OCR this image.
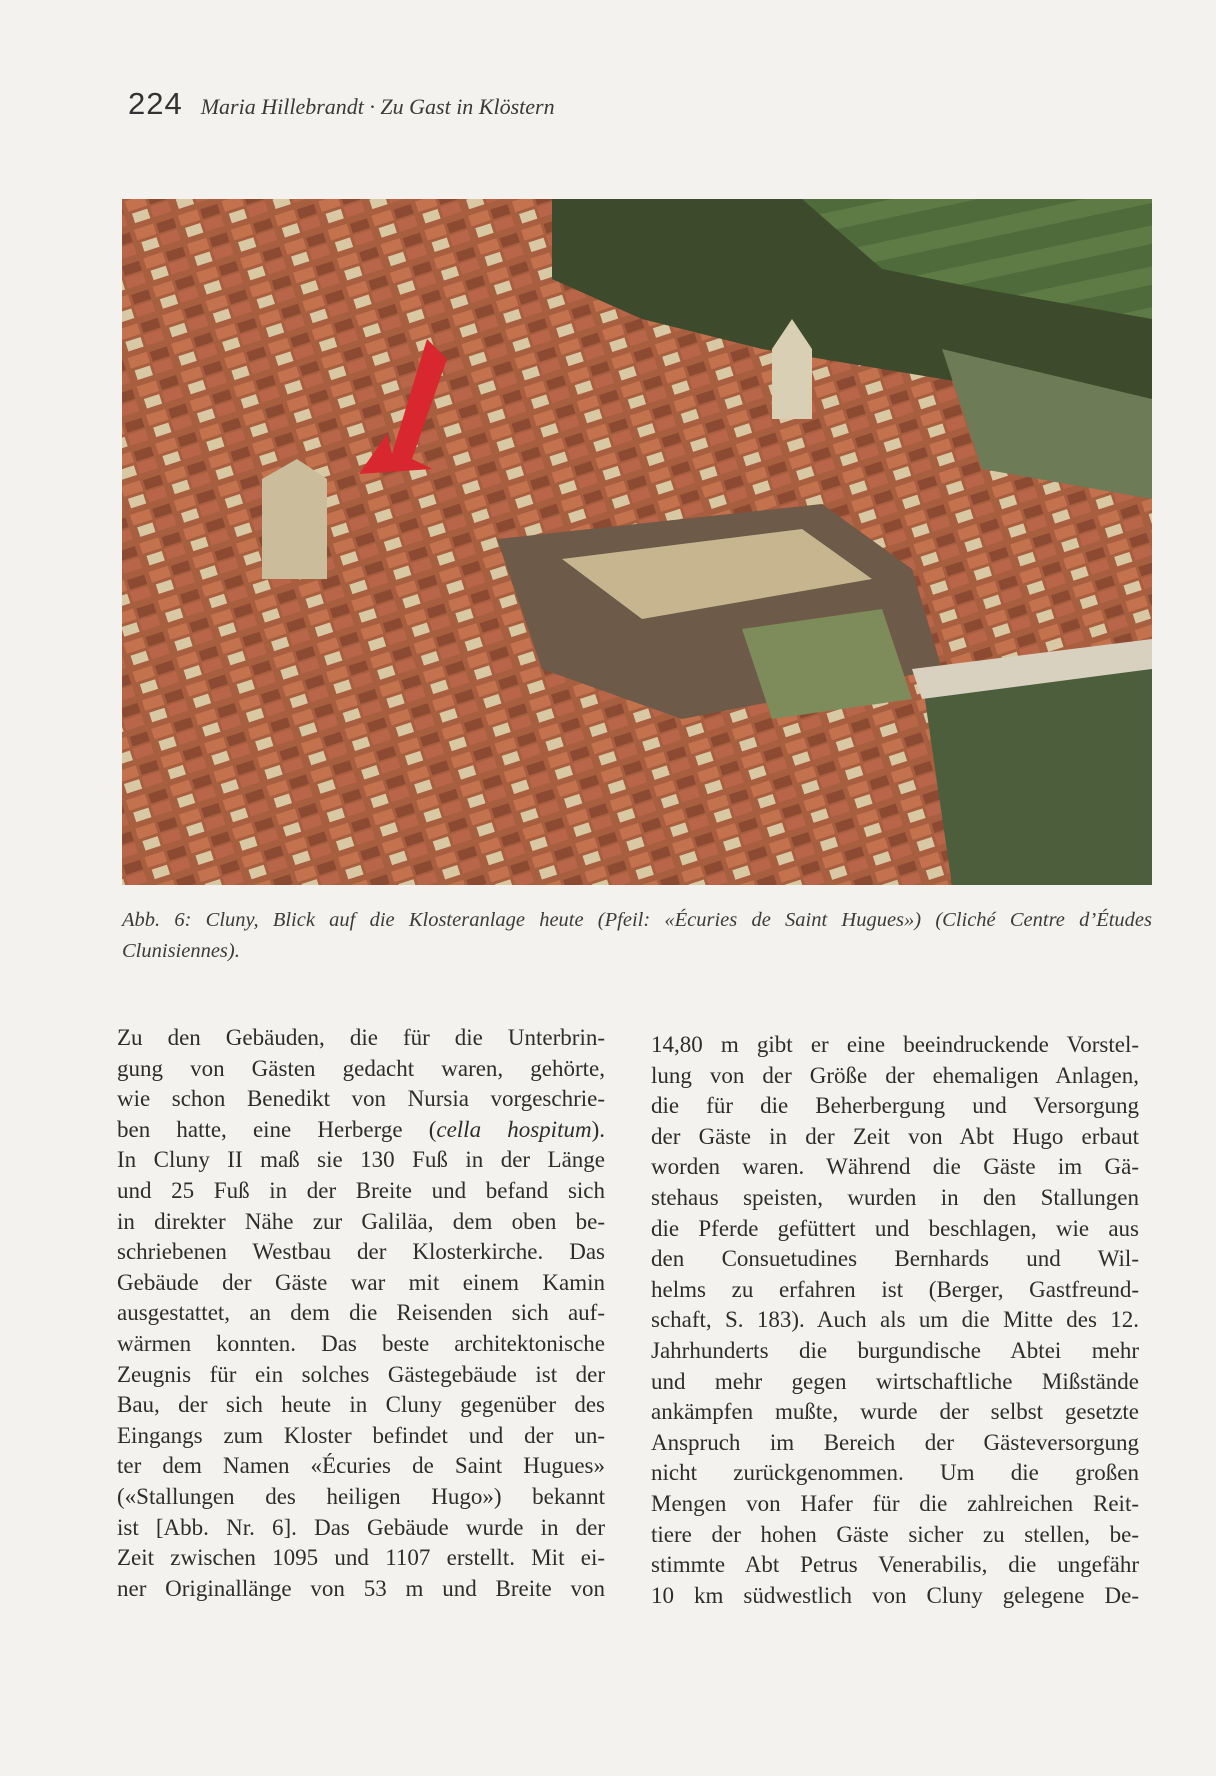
224 Maria Hillebrandt · Zu Gast in Klöstern
Abb. 6: Cluny, Blick auf die Klosteranlage heute (Pfeil: «Écuries de Saint Hugues») (Cliché Centre d’Études
Clunisiennes).
Zu den Gebäuden, die für die Unterbrin-
gung von Gästen gedacht waren, gehörte,
wie schon Benedikt von Nursia vorgeschrie-
ben hatte, eine Herberge (cella hospitum).
In Cluny II maß sie 130 Fuß in der Länge
und 25 Fuß in der Breite und befand sich
in direkter Nähe zur Galiläa, dem oben be-
schriebenen Westbau der Klosterkirche. Das
Gebäude der Gäste war mit einem Kamin
ausgestattet, an dem die Reisenden sich auf-
wärmen konnten. Das beste architektonische
Zeugnis für ein solches Gästegebäude ist der
Bau, der sich heute in Cluny gegenüber des
Eingangs zum Kloster befindet und der un-
ter dem Namen «Écuries de Saint Hugues»
(«Stallungen des heiligen Hugo») bekannt
ist [Abb. Nr. 6]. Das Gebäude wurde in der
Zeit zwischen 1095 und 1107 erstellt. Mit ei-
ner Originallänge von 53 m und Breite von
14,80 m gibt er eine beeindruckende Vorstel-
lung von der Größe der ehemaligen Anlagen,
die für die Beherbergung und Versorgung
der Gäste in der Zeit von Abt Hugo erbaut
worden waren. Während die Gäste im Gä-
stehaus speisten, wurden in den Stallungen
die Pferde gefüttert und beschlagen, wie aus
den Consuetudines Bernhards und Wil-
helms zu erfahren ist (Berger, Gastfreund-
schaft, S. 183). Auch als um die Mitte des 12.
Jahrhunderts die burgundische Abtei mehr
und mehr gegen wirtschaftliche Mißstände
ankämpfen mußte, wurde der selbst gesetzte
Anspruch im Bereich der Gästeversorgung
nicht zurückgenommen. Um die großen
Mengen von Hafer für die zahlreichen Reit-
tiere der hohen Gäste sicher zu stellen, be-
stimmte Abt Petrus Venerabilis, die ungefähr
10 km südwestlich von Cluny gelegene De-
